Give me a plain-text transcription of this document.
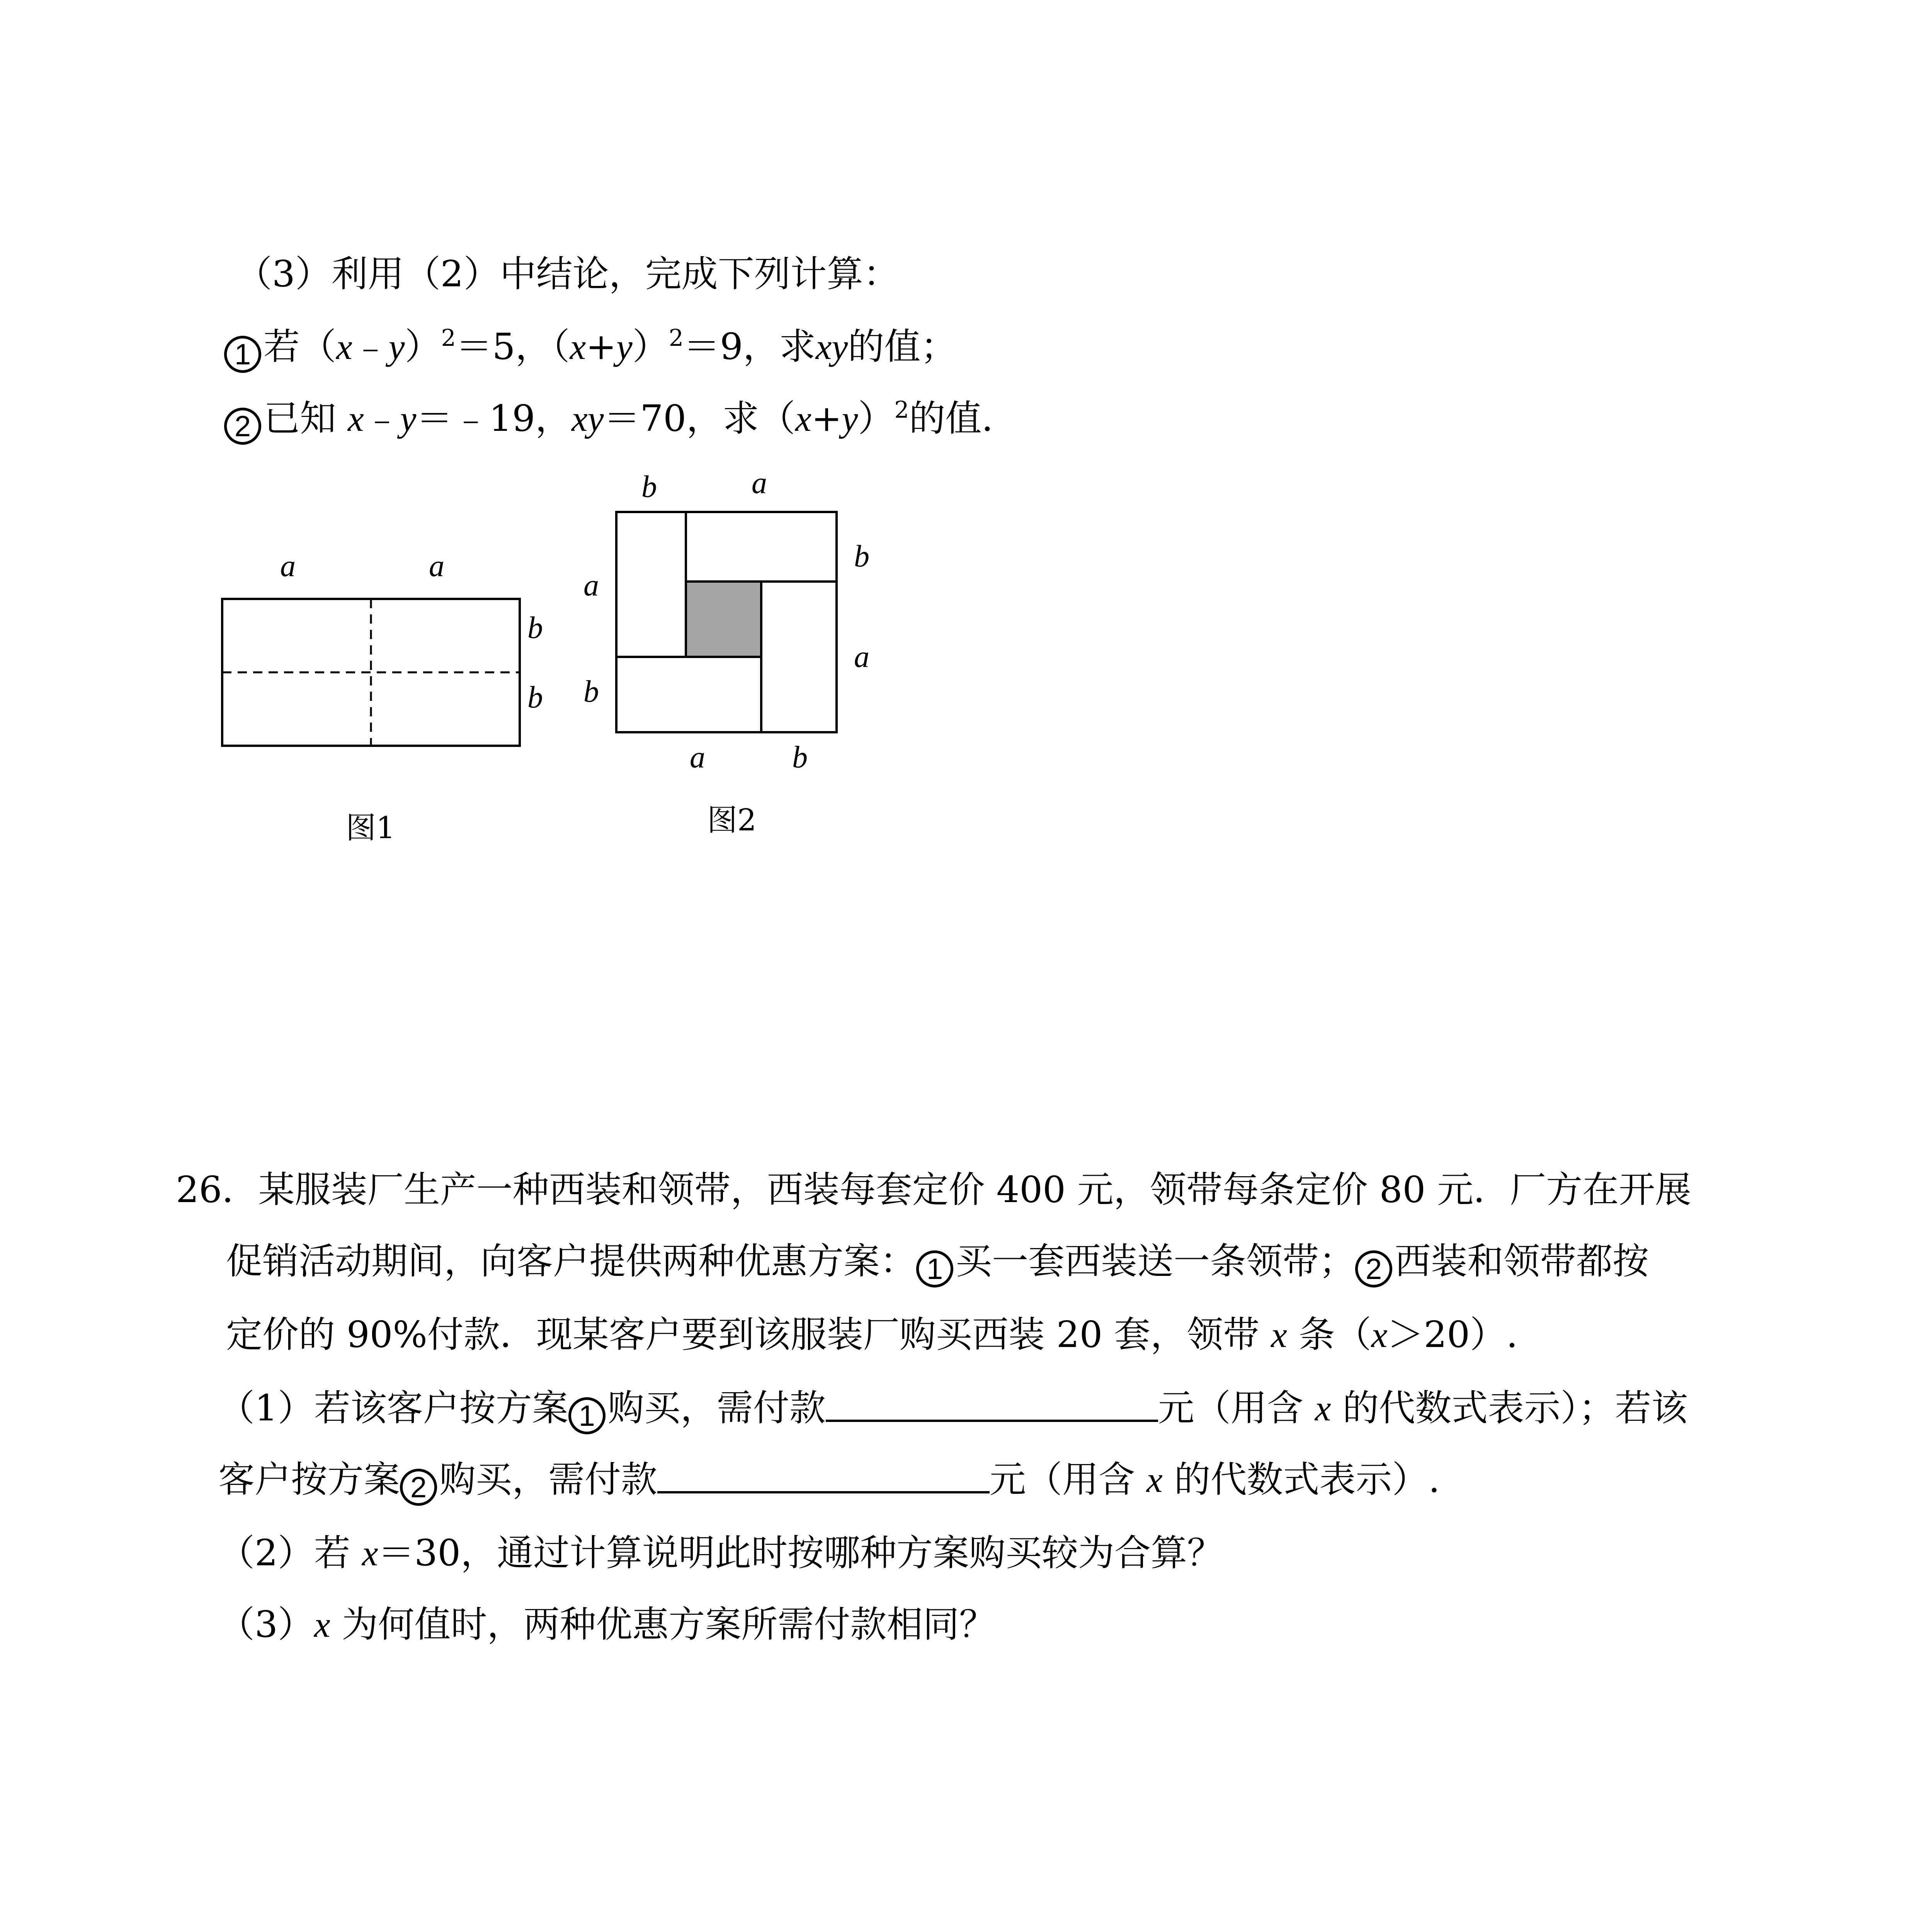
（3）利用（2）中结论，完成下列计算：
1 若（x﹣y）$^2$＝5，$(x+y)^2=9$，求xy的值；
2 已知 x﹣y＝﹣19，xy＝70，求$(x+y)^2$的值．
a	a
b
b
图1
b	a
b
a
a
b
a	b
图2
26．某服装厂生产一种西装和领带，西装每套定价 400 元，领带每条定价 80 元．厂方在开展
促销活动期间，向客户提供两种优惠方案： 1 买一套西装送一条领带； 2 西装和领带都按
定价的 90%付款．现某客户要到该服装厂购买西装 20 套，领带 x 条（x＞20）.
（1）若该客户按方案 1 购买，需付款	元（用含 x 的代数式表示）；若该
客户按方案 2 购买，需付款	元（用含 x 的代数式表示）.
（2）若 x＝30，通过计算说明此时按哪种方案购买较为合算？
（3）x 为何值时，两种优惠方案所需付款相同？
